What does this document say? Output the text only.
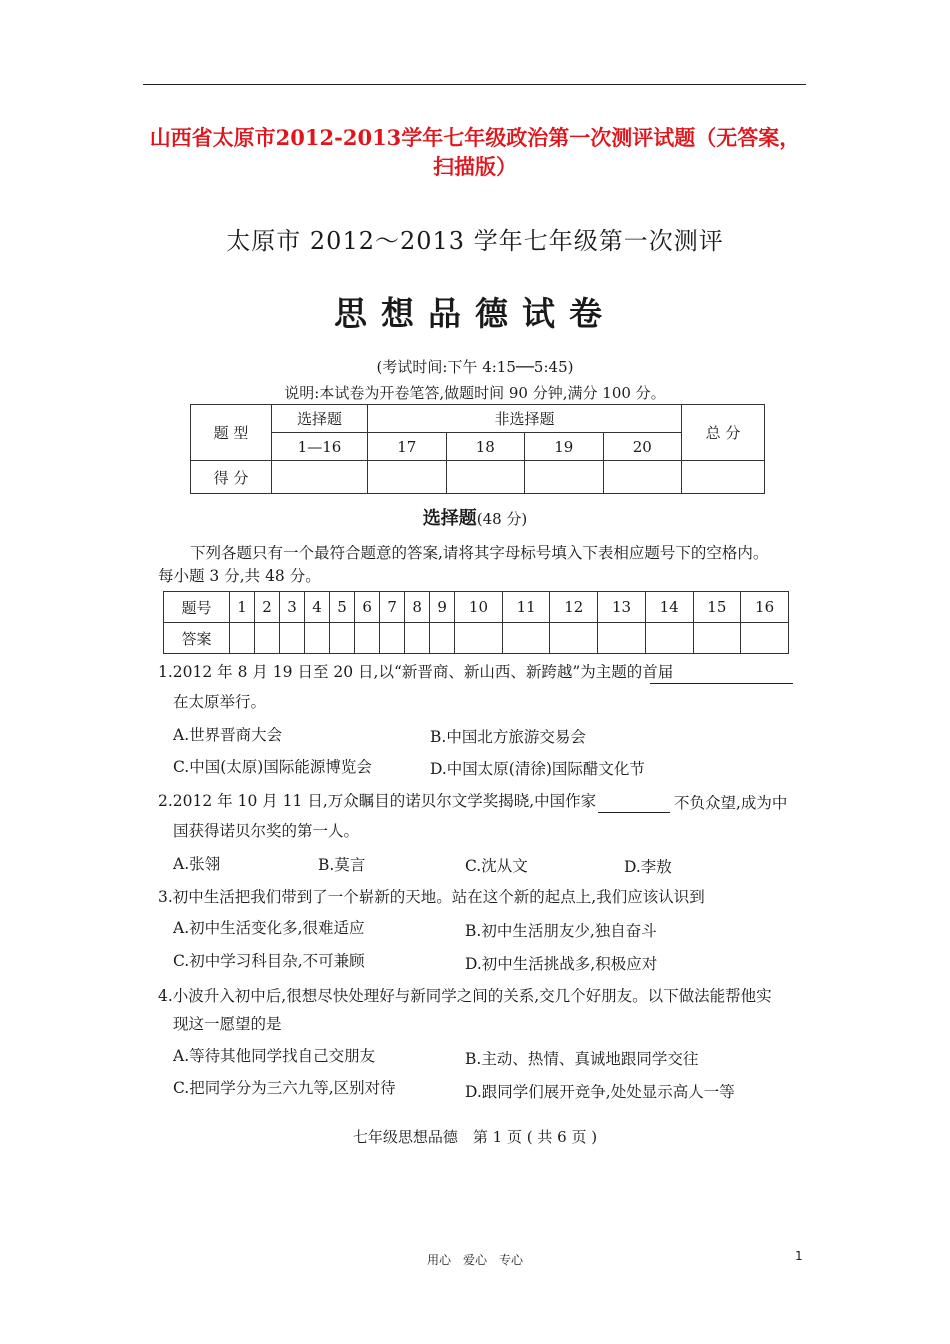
山西省太原市2012-2013学年七年级政治第一次测评试题（无答案，
扫描版）
太原市 2012～2013 学年七年级第一次测评
思想品德试卷
(考试时间:下午 4:15──5:45)
说明:本试卷为开卷笔答,做题时间 90 分钟,满分 100 分。
题 型	选择题	非选择题				总 分
	1—16	17	18	19	20	
得 分						
选择题(48 分)
下列各题只有一个最符合题意的答案,请将其字母标号填入下表相应题号下的空格内。
每小题 3 分,共 48 分。
题号	1	2	3	4	5	6	7	8	9	10	11	12	13	14	15	16
答案																
1.2012 年 8 月 19 日至 20 日,以“新晋商、新山西、新跨越”为主题的首届
在太原举行。
A.世界晋商大会	B.中国北方旅游交易会
C.中国(太原)国际能源博览会	D.中国太原(清徐)国际醋文化节
2.2012 年 10 月 11 日,万众瞩目的诺贝尔文学奖揭晓,中国作家	不负众望,成为中
国获得诺贝尔奖的第一人。
A.张翎	B.莫言	C.沈从文	D.李敖
3.初中生活把我们带到了一个崭新的天地。站在这个新的起点上,我们应该认识到
A.初中生活变化多,很难适应	B.初中生活朋友少,独自奋斗
C.初中学习科目杂,不可兼顾	D.初中生活挑战多,积极应对
4.小波升入初中后,很想尽快处理好与新同学之间的关系,交几个好朋友。以下做法能帮他实
现这一愿望的是
A.等待其他同学找自己交朋友	B.主动、热情、真诚地跟同学交往
C.把同学分为三六九等,区别对待	D.跟同学们展开竞争,处处显示高人一等
七年级思想品德　第 1 页 ( 共 6 页 )
用心　爱心　专心	1
